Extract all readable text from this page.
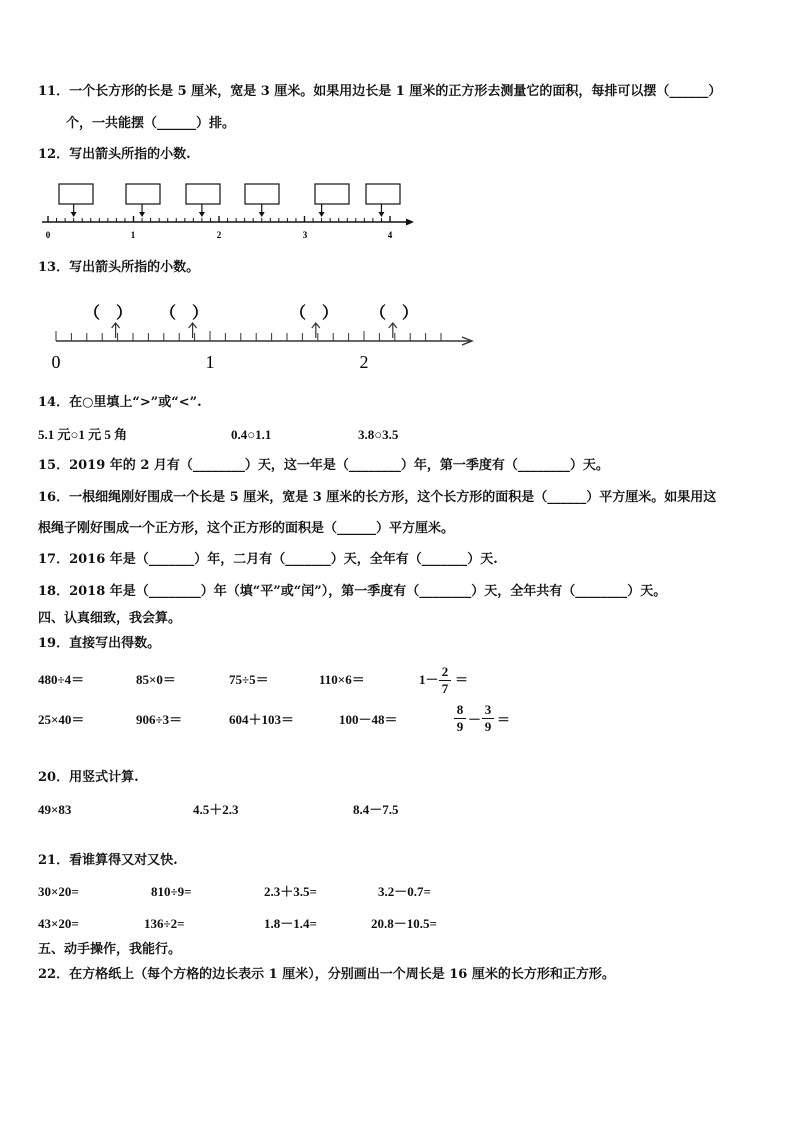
11．一个长方形的长是 5 厘米，宽是 3 厘米。如果用边长是 1 厘米的正方形去测量它的面积，每排可以摆（______）
个，一共能摆（______）排。
12．写出箭头所指的小数.
0	1	2	3	4
13．写出箭头所指的小数。
（　） （　）	（　） （　）
0	1	2
14．在○里填上“>”或“<”.
5.1 元○1 元 5 角	0.4○1.1	3.8○3.5
15．2019 年的 2 月有（________）天，这一年是（________）年，第一季度有（________）天。
16．一根细绳刚好围成一个长是 5 厘米，宽是 3 厘米的长方形，这个长方形的面积是（______）平方厘米。如果用这
根绳子刚好围成一个正方形，这个正方形的面积是（______）平方厘米。
17．2016 年是（_______）年，二月有（_______）天，全年有（_______）天.
18．2018 年是（________）年（填“平”或“闰”），第一季度有（________）天，全年共有（________）天。
四、认真细致，我会算。
19．直接写出得数。
480÷4＝	85×0＝	75÷5＝	110×6＝	1－
2
7
＝
25×40＝	906÷3＝	604＋103＝	100－48＝
8
9 －
3
9 ＝
20．用竖式计算.
49×83	4.5＋2.3	8.4－7.5
21．看谁算得又对又快.
30×20=	810÷9=	2.3＋3.5=	3.2－0.7=
43×20=	136÷2=	1.8－1.4=	20.8－10.5=
五、动手操作，我能行。
22．在方格纸上（每个方格的边长表示 1 厘米），分别画出一个周长是 16 厘米的长方形和正方形。
